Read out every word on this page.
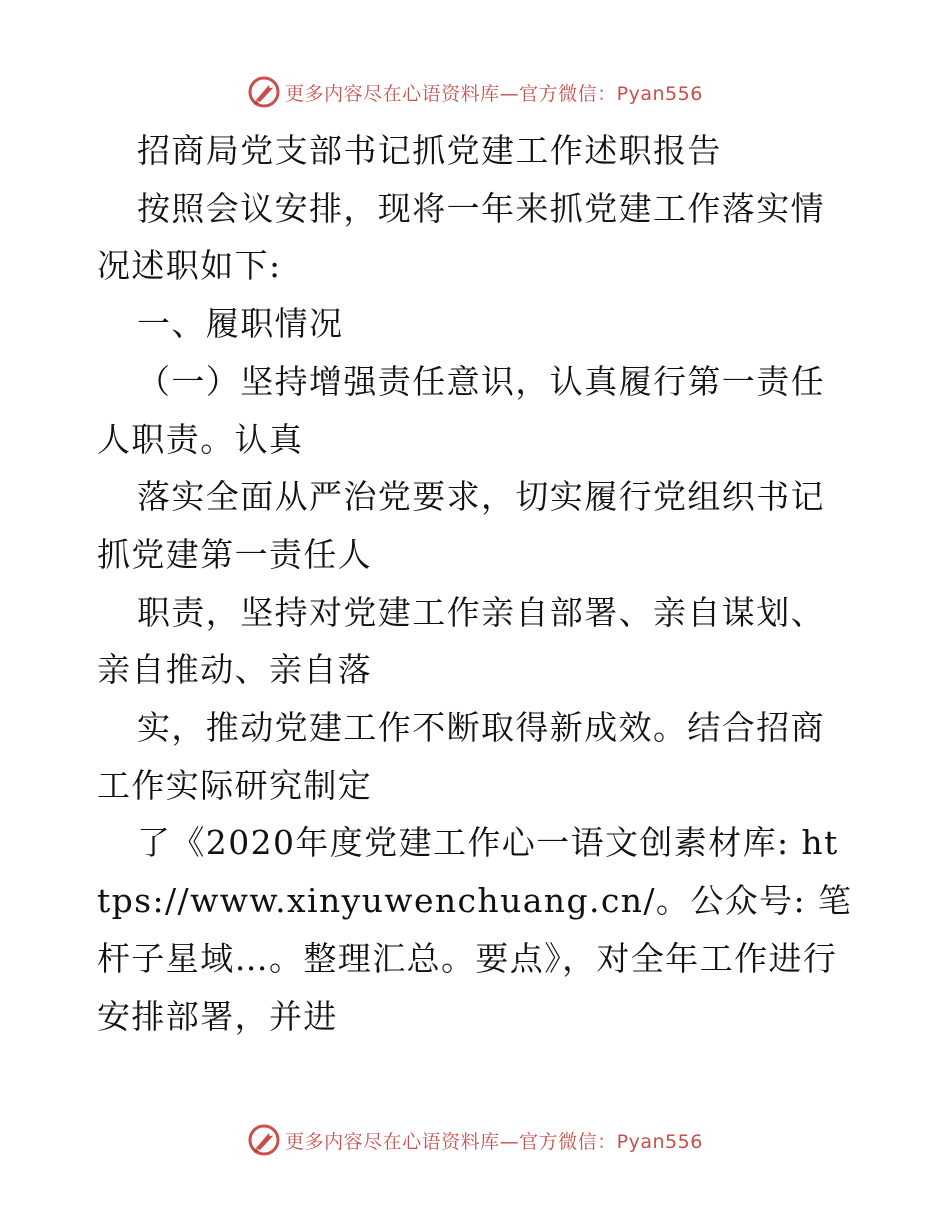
更多内容尽在心语资料库—官方微信：Pyan556

招商局党支部书记抓党建工作述职报告

按照会议安排，现将一年来抓党建工作落实情况述职如下:

一、履职情况

（一）坚持增强责任意识，认真履行第一责任人职责。认真

落实全面从严治党要求，切实履行党组织书记抓党建第一责任人

职责，坚持对党建工作亲自部署、亲自谋划、亲自推动、亲自落

实，推动党建工作不断取得新成效。结合招商工作实际研究制定

了《2020年度党建工作心一语文创素材库: https://www.xinyuwenchuang.cn/。公众号: 笔杆子星域…。整理汇总。要点》，对全年工作进行安排部署，并进

更多内容尽在心语资料库—官方微信：Pyan556
